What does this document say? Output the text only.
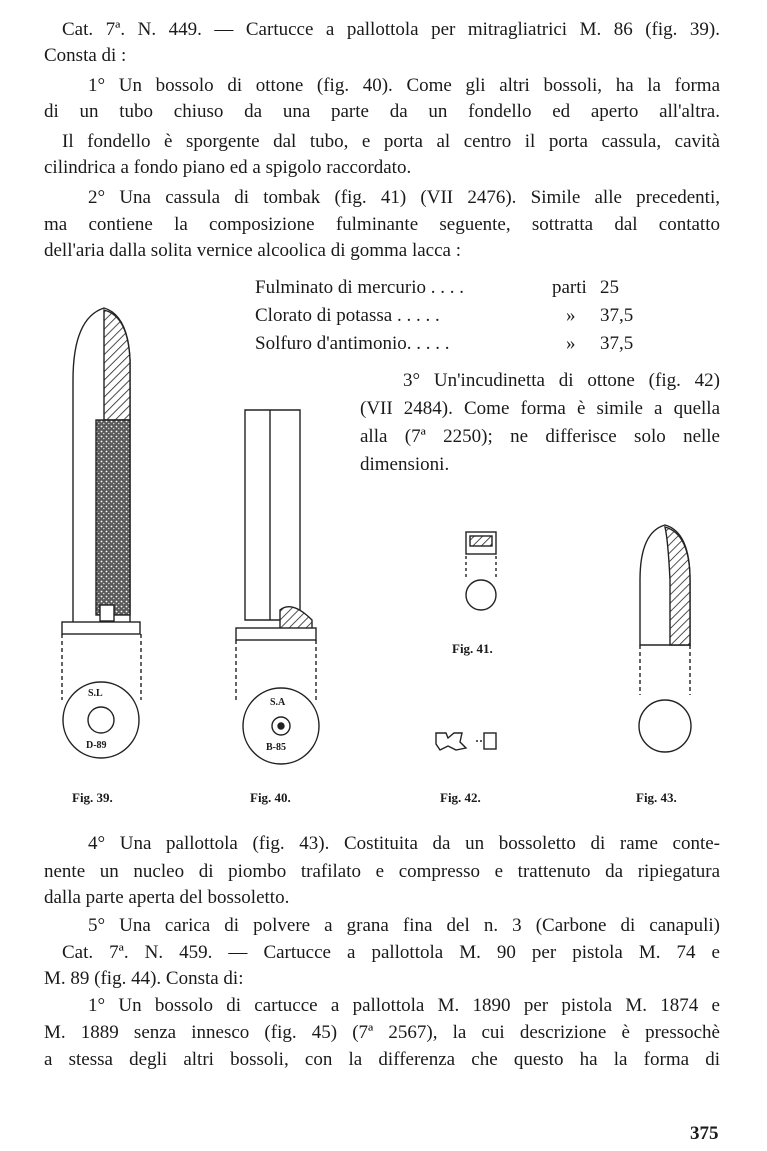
Cat. 7ª. N. 449. — Cartucce a pallottola per mitragliatrici M. 86 (fig. 39).
Consta di :
1° Un bossolo di ottone (fig. 40). Come gli altri bossoli, ha la forma
di un tubo chiuso da una parte da un fondello ed aperto all'altra.
Il fondello è sporgente dal tubo, e porta al centro il porta cassula, cavità
cilindrica a fondo piano ed a spigolo raccordato.
2° Una cassula di tombak (fig. 41) (VII 2476). Simile alle precedenti,
ma contiene la composizione fulminante seguente, sottratta dal contatto
dell'aria dalla solita vernice alcoolica di gomma lacca :
Fulminato di mercurio . . . .	parti 25
Clorato di potassa . . . . .	» 37,5
Solfuro d'antimonio. . . . .	» 37,5
3° Un'incudinetta di ottone (fig. 42)
(VII 2484). Come forma è simile a quella
alla (7ª 2250); ne differisce solo nelle
dimensioni.
S.L
D-89
S.A
B-85
Fig. 39.	Fig. 40.
Fig. 41.
Fig. 42.	Fig. 43.
4° Una pallottola (fig. 43). Costituita da un bossoletto di rame conte-
nente un nucleo di piombo trafilato e compresso e trattenuto da ripiegatura
dalla parte aperta del bossoletto.
5° Una carica di polvere a grana fina del n. 3 (Carbone di canapuli)
Cat. 7ª. N. 459. — Cartucce a pallottola M. 90 per pistola M. 74 e
M. 89 (fig. 44). Consta di:
1° Un bossolo di cartucce a pallottola M. 1890 per pistola M. 1874 e
M. 1889 senza innesco (fig. 45) (7ª 2567), la cui descrizione è pressochè
a stessa degli altri bossoli, con la differenza che questo ha la forma di
375
